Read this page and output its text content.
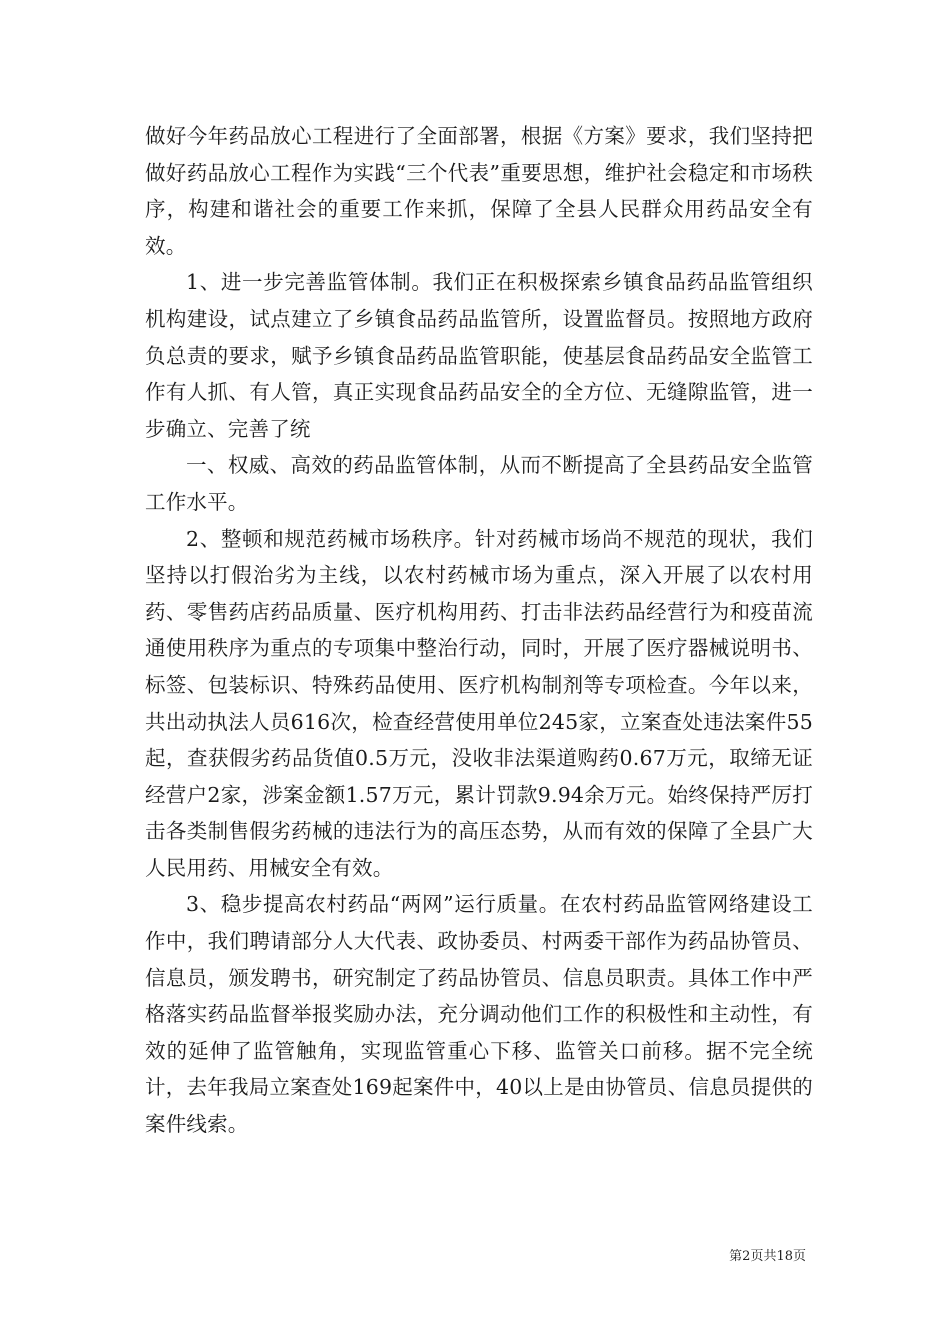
做好今年药品放心工程进行了全面部署，根据《方案》要求，我们坚持把做好药品放心工程作为实践“三个代表”重要思想，维护社会稳定和市场秩序，构建和谐社会的重要工作来抓，保障了全县人民群众用药品安全有效。

1、进一步完善监管体制。我们正在积极探索乡镇食品药品监管组织机构建设，试点建立了乡镇食品药品监管所，设置监督员。按照地方政府负总责的要求，赋予乡镇食品药品监管职能，使基层食品药品安全监管工作有人抓、有人管，真正实现食品药品安全的全方位、无缝隙监管，进一步确立、完善了统

一、权威、高效的药品监管体制，从而不断提高了全县药品安全监管工作水平。

2、整顿和规范药械市场秩序。针对药械市场尚不规范的现状，我们坚持以打假治劣为主线，以农村药械市场为重点，深入开展了以农村用药、零售药店药品质量、医疗机构用药、打击非法药品经营行为和疫苗流通使用秩序为重点的专项集中整治行动，同时，开展了医疗器械说明书、标签、包装标识、特殊药品使用、医疗机构制剂等专项检查。今年以来，共出动执法人员616次，检查经营使用单位245家，立案查处违法案件55起，查获假劣药品货值0.5万元，没收非法渠道购药0.67万元，取缔无证经营户2家，涉案金额1.57万元，累计罚款9.94余万元。始终保持严厉打击各类制售假劣药械的违法行为的高压态势，从而有效的保障了全县广大人民用药、用械安全有效。

3、稳步提高农村药品“两网”运行质量。在农村药品监管网络建设工作中，我们聘请部分人大代表、政协委员、村两委干部作为药品协管员、信息员，颁发聘书，研究制定了药品协管员、信息员职责。具体工作中严格落实药品监督举报奖励办法，充分调动他们工作的积极性和主动性，有效的延伸了监管触角，实现监管重心下移、监管关口前移。据不完全统计，去年我局立案查处169起案件中，40以上是由协管员、信息员提供的案件线索。

第2页共18页
